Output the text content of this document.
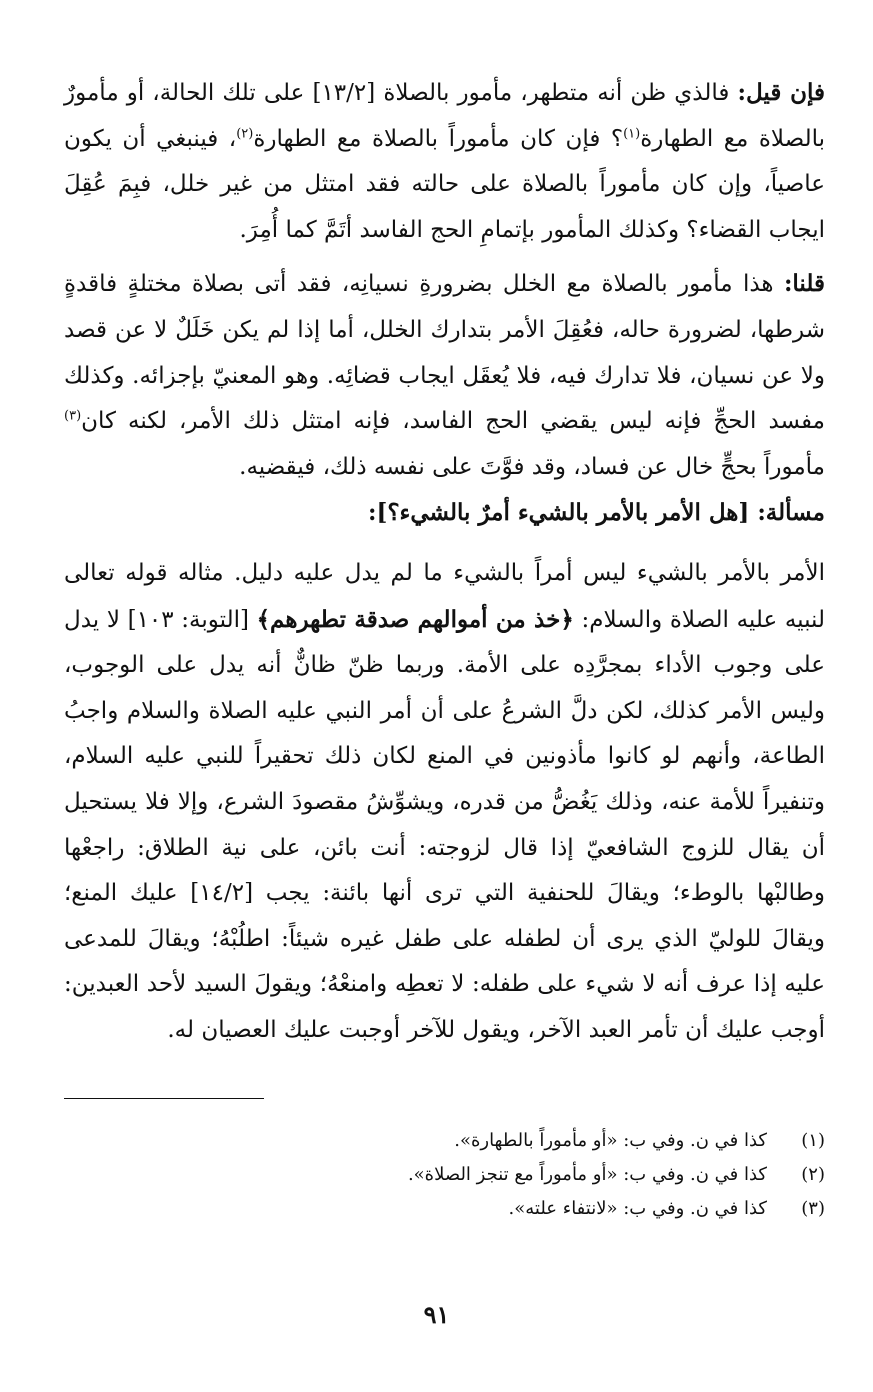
فإن قيل: فالذي ظن أنه متطهر، مأمور بالصلاة [١٣/٢] على تلك الحالة، أو مأمورٌ بالصلاة مع الطهارة$^{(١)}$؟ فإن كان مأموراً بالصلاة مع الطهارة$^{(٢)}$، فينبغي أن يكون عاصياً، وإن كان مأموراً بالصلاة على حالته فقد امتثل من غير خلل، فبِمَ عُقِلَ ايجاب القضاء؟ وكذلك المأمور بإتمامِ الحج الفاسد أتَمَّ كما أُمِرَ.

قلنا: هذا مأمور بالصلاة مع الخلل بضرورةِ نسيانِه، فقد أتى بصلاة مختلةٍ فاقدةٍ شرطها، لضرورة حاله، فعُقِلَ الأمر بتدارك الخلل، أما إذا لم يكن خَلَلٌ لا عن قصد ولا عن نسيان، فلا تدارك فيه، فلا يُعقَل ايجاب قضائِه. وهو المعنيّ بإجزائه. وكذلك مفسد الحجِّ فإنه ليس يقضي الحج الفاسد، فإنه امتثل ذلك الأمر، لكنه كان$^{(٣)}$ مأموراً بحجٍّ خال عن فساد، وقد فوَّتَ على نفسه ذلك، فيقضيه.

مسألة: [هل الأمر بالأمر بالشيء أمرٌ بالشيء؟]:

الأمر بالأمر بالشيء ليس أمراً بالشيء ما لم يدل عليه دليل. مثاله قوله تعالى لنبيه عليه الصلاة والسلام: ﴿خذ من أموالهم صدقة تطهرهم﴾ [التوبة: ١٠٣] لا يدل على وجوب الأداء بمجرَّدِه على الأمة. وربما ظنّ ظانٌّ أنه يدل على الوجوب، وليس الأمر كذلك، لكن دلَّ الشرعُ على أن أمر النبي عليه الصلاة والسلام واجبُ الطاعة، وأنهم لو كانوا مأذونين في المنع لكان ذلك تحقيراً للنبي عليه السلام، وتنفيراً للأمة عنه، وذلك يَغُضُّ من قدره، ويشوِّشُ مقصودَ الشرع، وإلا فلا يستحيل أن يقال للزوج الشافعيّ إذا قال لزوجته: أنت بائن، على نية الطلاق: راجعْها وطالبْها بالوطء؛ ويقالَ للحنفية التي ترى أنها بائنة: يجب [١٤/٢] عليك المنع؛ ويقالَ للوليّ الذي يرى أن لطفله على طفل غيره شيئاً: اطلُبْهُ؛ ويقالَ للمدعى عليه إذا عرف أنه لا شيء على طفله: لا تعطِه وامنعْهُ؛ ويقولَ السيد لأحد العبدين: أوجب عليك أن تأمر العبد الآخر، ويقول للآخر أوجبت عليك العصيان له.

(١)
كذا في ن. وفي ب: «أو مأموراً بالطهارة».
(٢)
كذا في ن. وفي ب: «أو مأموراً مع تنجز الصلاة».
(٣)
كذا في ن. وفي ب: «لانتفاء علته».
٩١
